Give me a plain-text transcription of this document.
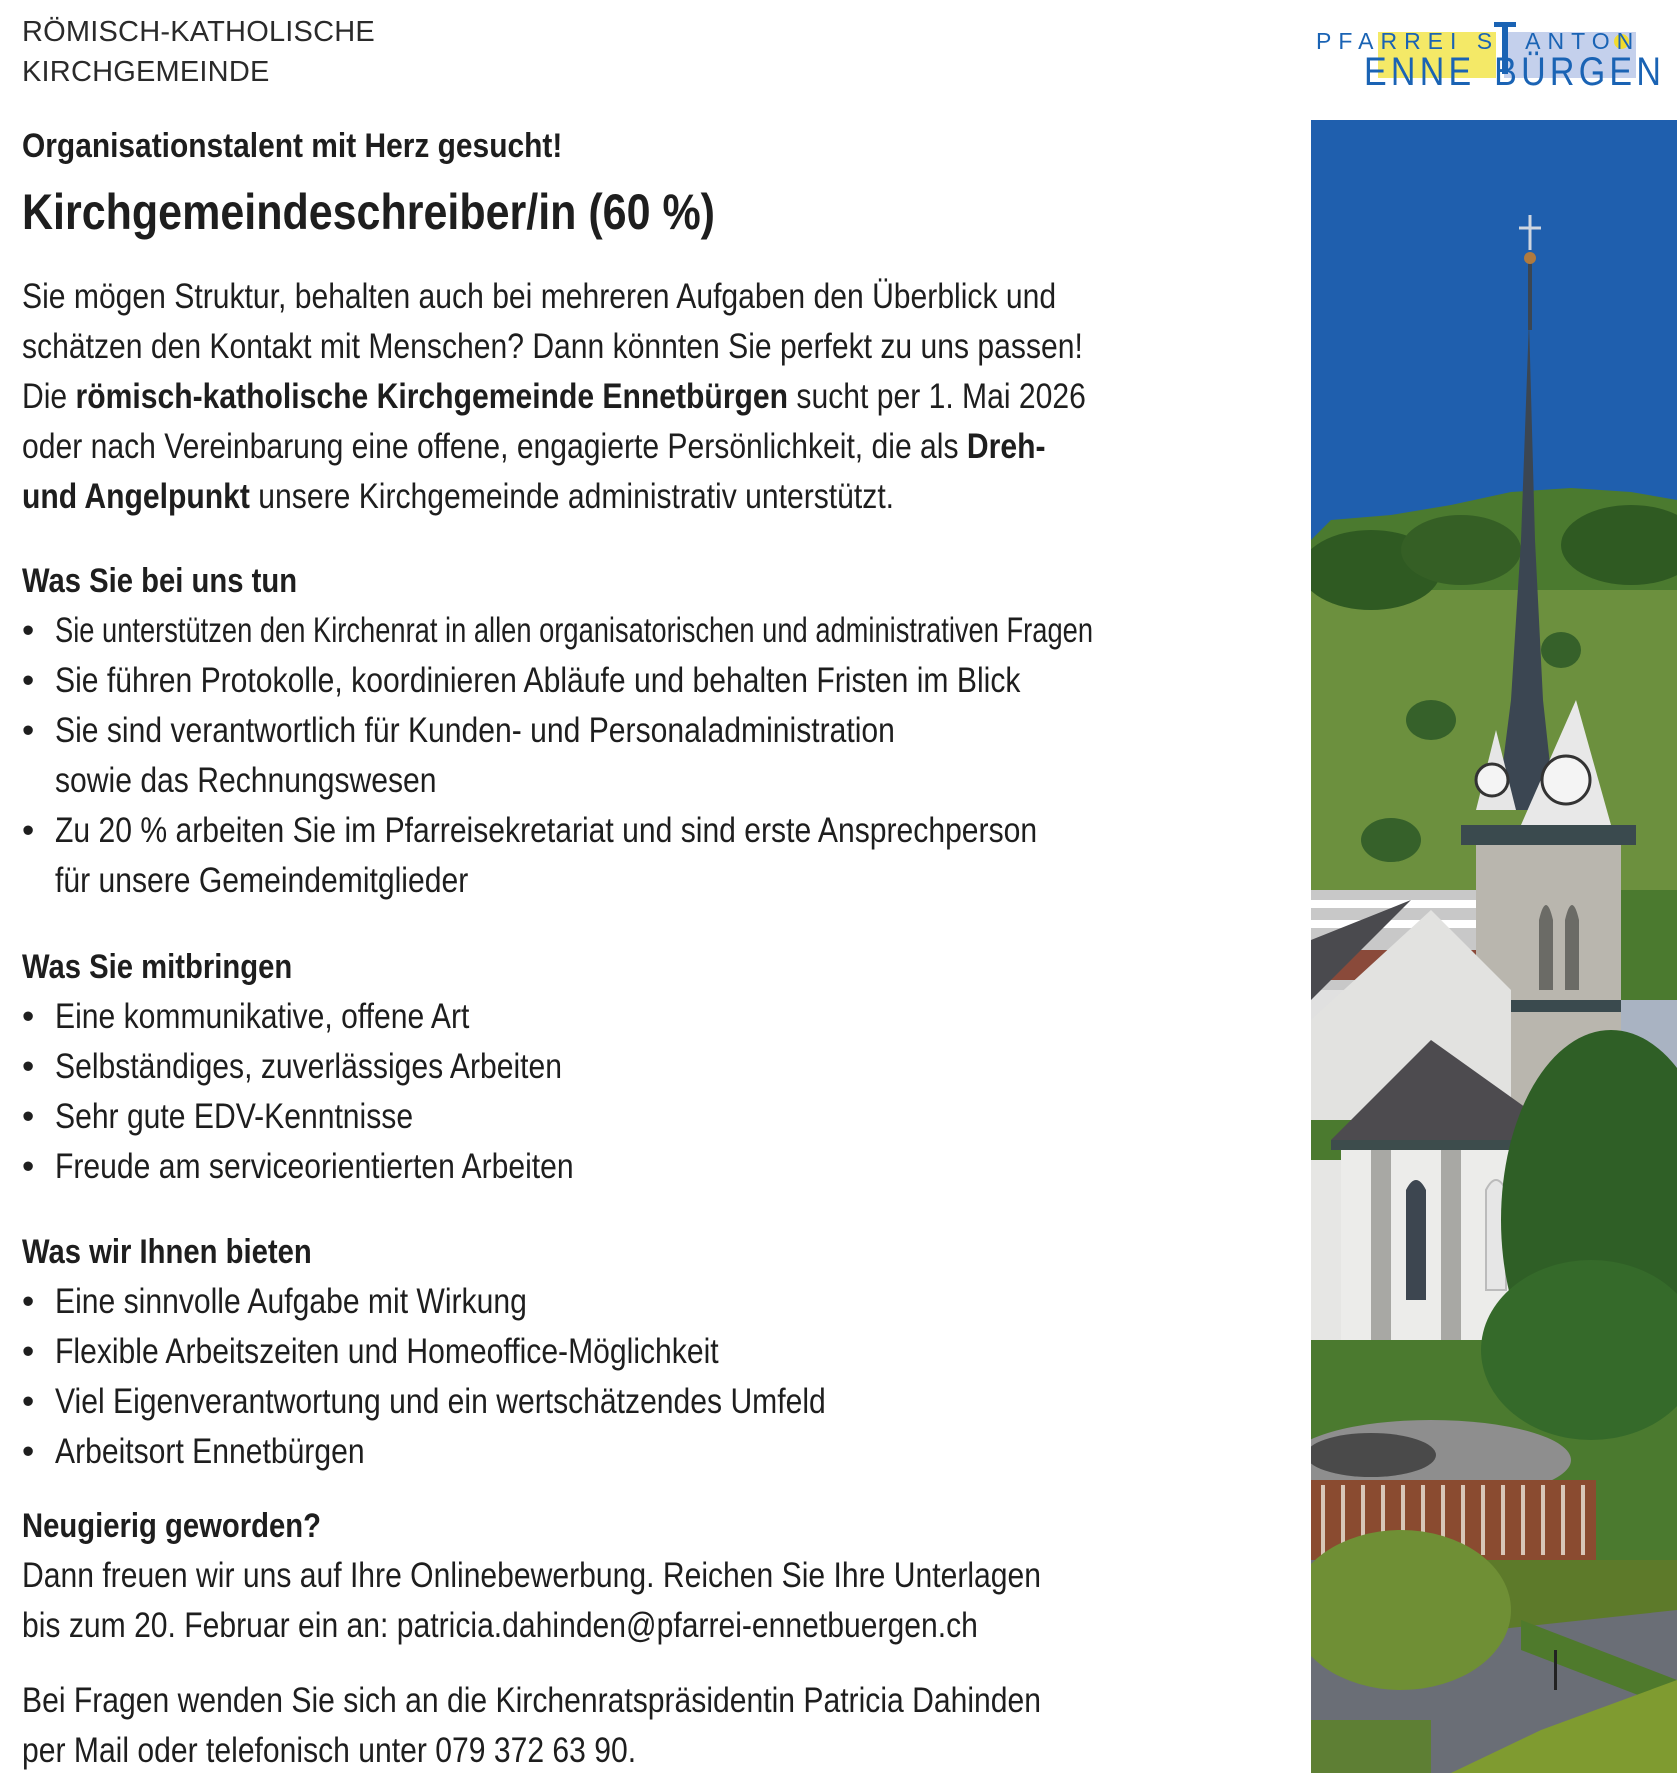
RÖMISCH-KATHOLISCHE
KIRCHGEMEINDE
PFARREI S ANTON
ENNE BÜRGEN
Organisationstalent mit Herz gesucht!
Kirchgemeindeschreiber/in (60 %)
Sie mögen Struktur, behalten auch bei mehreren Aufgaben den Überblick und
schätzen den Kontakt mit Menschen? Dann könnten Sie perfekt zu uns passen!
Die römisch-katholische Kirchgemeinde Ennetbürgen sucht per 1. Mai 2026
oder nach Vereinbarung eine offene, engagierte Persönlichkeit, die als Dreh-
und Angelpunkt unsere Kirchgemeinde administrativ unterstützt.
Was Sie bei uns tun
• Sie unterstützen den Kirchenrat in allen organisatorischen und administrativen Fragen
• Sie führen Protokolle, koordinieren Abläufe und behalten Fristen im Blick
• Sie sind verantwortlich für Kunden- und Personaladministration
sowie das Rechnungswesen
• Zu 20 % arbeiten Sie im Pfarreisekretariat und sind erste Ansprechperson
für unsere Gemeindemitglieder
Was Sie mitbringen
• Eine kommunikative, offene Art
• Selbständiges, zuverlässiges Arbeiten
• Sehr gute EDV-Kenntnisse
• Freude am serviceorientierten Arbeiten
Was wir Ihnen bieten
• Eine sinnvolle Aufgabe mit Wirkung
• Flexible Arbeitszeiten und Homeoffice-Möglichkeit
• Viel Eigenverantwortung und ein wertschätzendes Umfeld
• Arbeitsort Ennetbürgen
Neugierig geworden?
Dann freuen wir uns auf Ihre Onlinebewerbung. Reichen Sie Ihre Unterlagen
bis zum 20. Februar ein an: patricia.dahinden@pfarrei-ennetbuergen.ch
Bei Fragen wenden Sie sich an die Kirchenratspräsidentin Patricia Dahinden
per Mail oder telefonisch unter 079 372 63 90.
